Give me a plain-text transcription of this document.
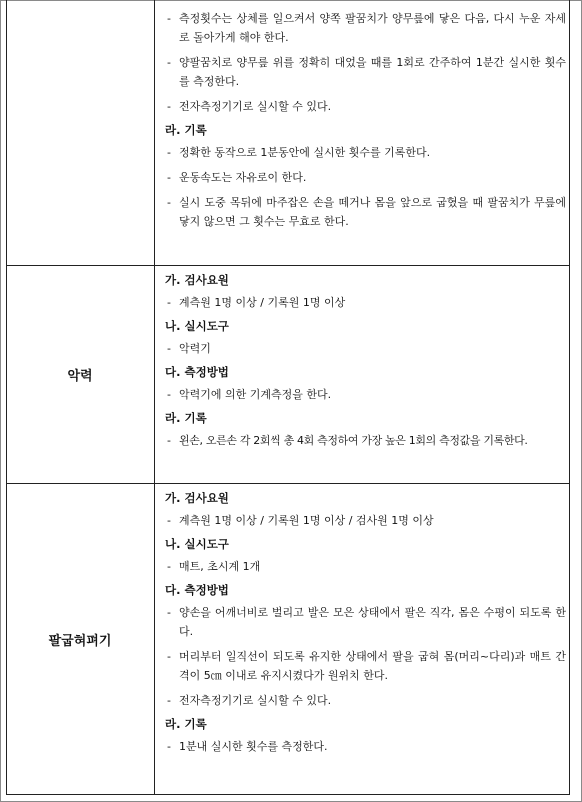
- 측정횟수는 상체를 일으켜서 양쪽 팔꿈치가 양무릎에 닿은 다음, 다시 누운 자세로 돌아가게 해야 한다.
- 양팔꿈치로 양무릎 위를 정확히 대었을 때를 1회로 간주하여 1분간 실시한 횟수를 측정한다.
- 전자측정기기로 실시할 수 있다.
라. 기록
- 정확한 동작으로 1분동안에 실시한 횟수를 기록한다.
- 운동속도는 자유로이 한다.
- 실시 도중 목뒤에 마주잡은 손을 떼거나 몸을 앞으로 굽혔을 때 팔꿈치가 무릎에 닿지 않으면 그 횟수는 무효로 한다.
악력
가. 검사요원
- 계측원 1명 이상 / 기록원 1명 이상
나. 실시도구
- 악력기
다. 측정방법
- 악력기에 의한 기계측정을 한다.
라. 기록
- 왼손, 오른손 각 2회씩 총 4회 측정하여 가장 높은 1회의 측정값을 기록한다.
팔굽혀펴기
가. 검사요원
- 계측원 1명 이상 / 기록원 1명 이상 / 검사원 1명 이상
나. 실시도구
- 매트, 초시계 1개
다. 측정방법
- 양손을 어깨너비로 벌리고 발은 모은 상태에서 팔은 직각, 몸은 수평이 되도록 한다.
- 머리부터 일직선이 되도록 유지한 상태에서 팔을 굽혀 몸(머리~다리)과 매트 간격이 5㎝ 이내로 유지시켰다가 원위치 한다.
- 전자측정기기로 실시할 수 있다.
라. 기록
- 1분내 실시한 횟수를 측정한다.
